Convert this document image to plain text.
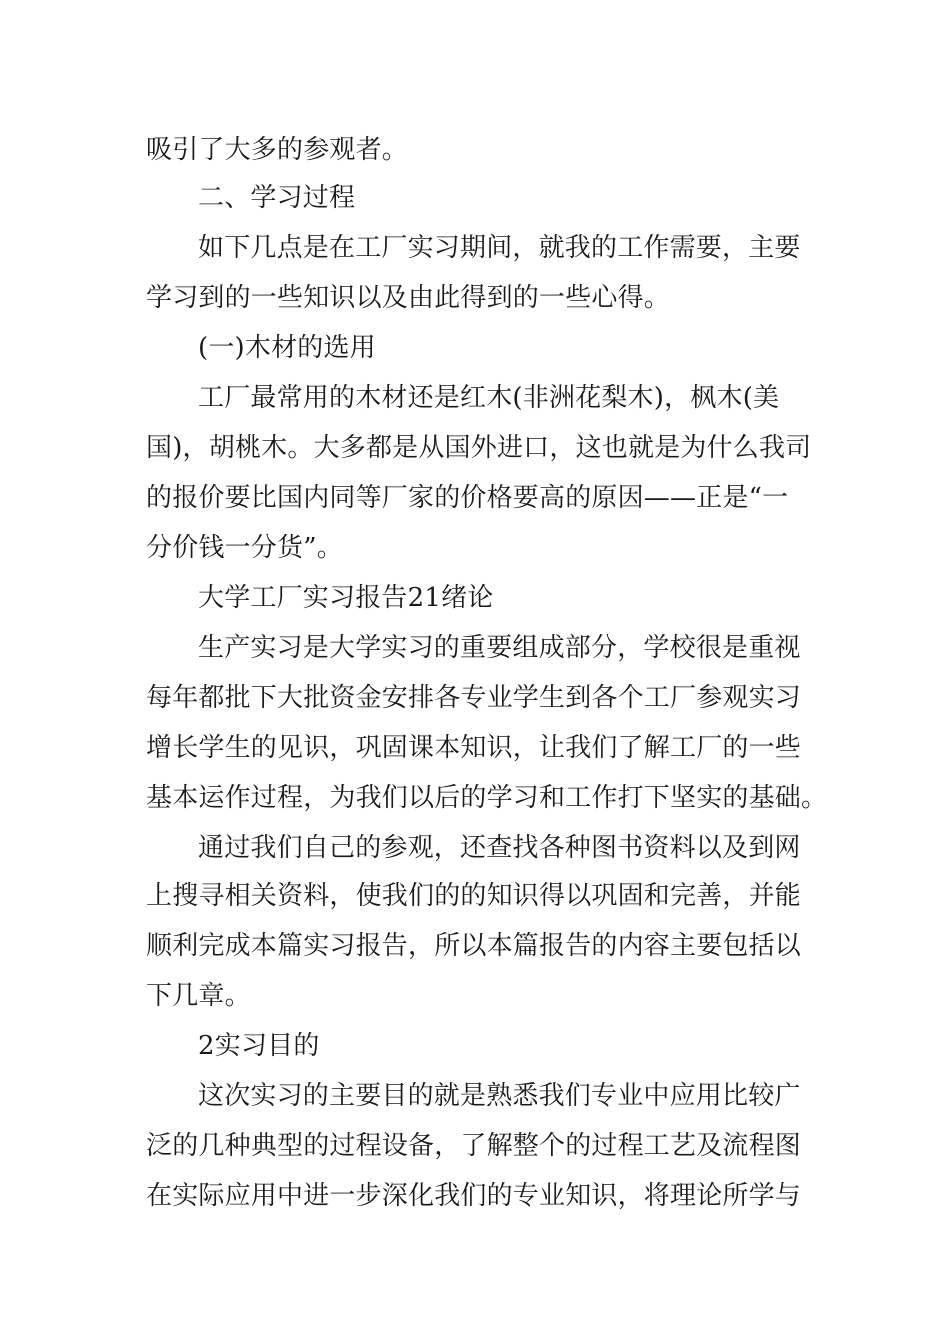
吸引了大多的参观者。
二、学习过程
如下几点是在工厂实习期间，就我的工作需要，主要
学习到的一些知识以及由此得到的一些心得。
(一)木材的选用
工厂最常用的木材还是红木(非洲花梨木)，枫木(美
国)，胡桃木。大多都是从国外进口，这也就是为什么我司
的报价要比国内同等厂家的价格要高的原因——正是“一
分价钱一分货”。
大学工厂实习报告21绪论
生产实习是大学实习的重要组成部分，学校很是重视
每年都批下大批资金安排各专业学生到各个工厂参观实习
增长学生的见识，巩固课本知识，让我们了解工厂的一些
基本运作过程，为我们以后的学习和工作打下坚实的基础。
通过我们自己的参观，还查找各种图书资料以及到网
上搜寻相关资料，使我们的的知识得以巩固和完善，并能
顺利完成本篇实习报告，所以本篇报告的内容主要包括以
下几章。
2实习目的
这次实习的主要目的就是熟悉我们专业中应用比较广
泛的几种典型的过程设备，了解整个的过程工艺及流程图
在实际应用中进一步深化我们的专业知识，将理论所学与
